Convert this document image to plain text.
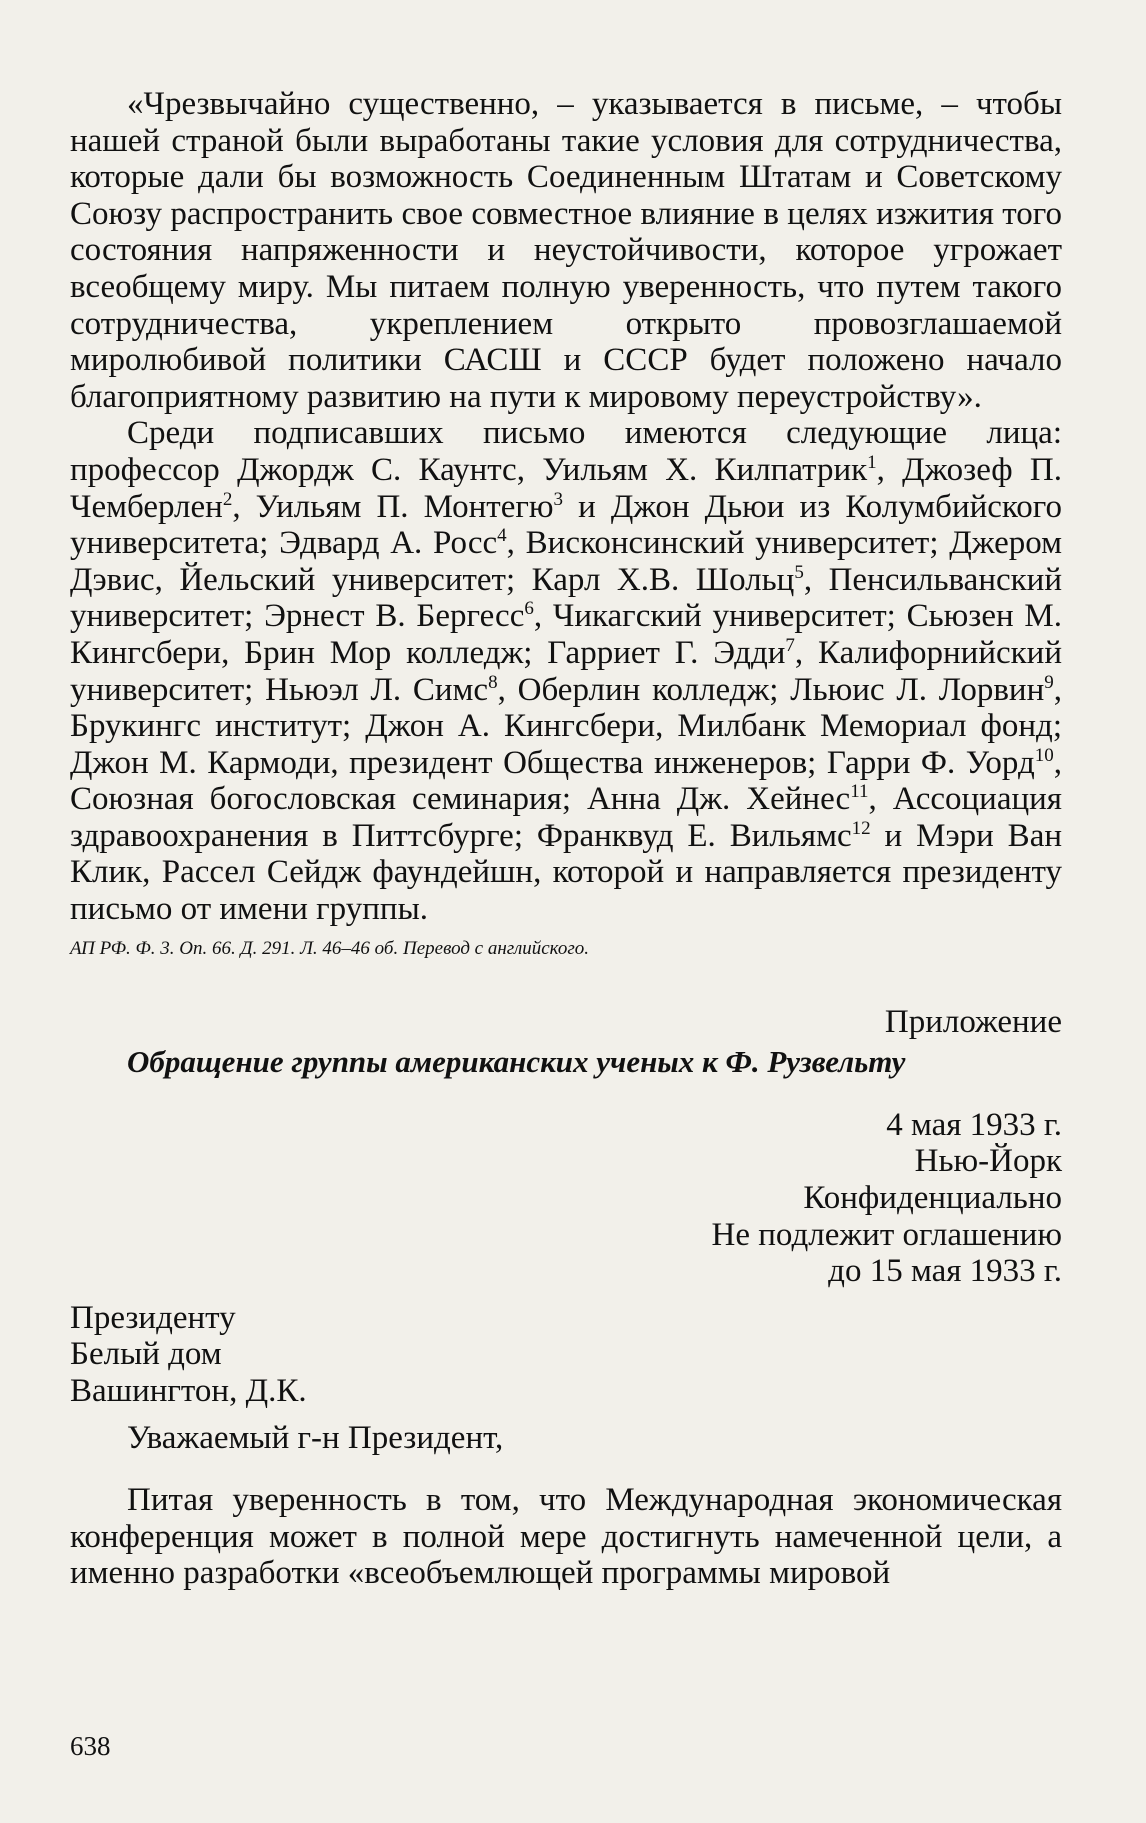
«Чрезвычайно существенно, – указывается в письме, – чтобы нашей страной были выработаны такие условия для сотрудничества, которые дали бы возможность Соединенным Штатам и Советскому Союзу распространить свое совместное влияние в целях изжития того состояния напряженности и неустойчивости, которое угрожает всеобщему миру. Мы питаем полную уверенность, что путем такого сотрудничества, укреплением открыто провозглашаемой миролюбивой политики САСШ и СССР будет положено начало благоприятному развитию на пути к мировому переустройству».

Среди подписавших письмо имеются следующие лица: профессор Джордж С. Каунтс, Уильям Х. Килпатрик$^1$, Джозеф П. Чемберлен$^2$, Уильям П. Монтегю$^3$ и Джон Дьюи из Колумбийского университета; Эдвард А. Росс$^4$, Висконсинский университет; Джером Дэвис, Йельский университет; Карл Х.В. Шольц$^5$, Пенсильванский университет; Эрнест В. Бергесс$^6$, Чикагский университет; Сьюзен М. Кингсбери, Брин Мор колледж; Гарриет Г. Эдди$^7$, Калифорнийский университет; Ньюэл Л. Симс$^8$, Оберлин колледж; Льюис Л. Лорвин$^9$, Брукингс институт; Джон А. Кингсбери, Милбанк Мемориал фонд; Джон М. Кармоди, президент Общества инженеров; Гарри Ф. Уорд$^{10}$, Союзная богословская семинария; Анна Дж. Хейнес$^{11}$, Ассоциация здравоохранения в Питтсбурге; Франквуд Е. Вильямс$^{12}$ и Мэри Ван Клик, Рассел Сейдж фаундейшн, которой и направляется президенту письмо от имени группы.

АП РФ. Ф. 3. Оп. 66. Д. 291. Л. 46–46 об. Перевод с английского.

Приложение

Обращение группы американских ученых к Ф. Рузвельту

4 мая 1933 г.

Нью-Йорк

Конфиденциально

Не подлежит оглашению

до 15 мая 1933 г.

Президенту

Белый дом

Вашингтон, Д.К.

Уважаемый г-н Президент,

Питая уверенность в том, что Международная экономическая конференция может в полной мере достигнуть намеченной цели, а именно разработки «всеобъемлющей программы мировой

638
